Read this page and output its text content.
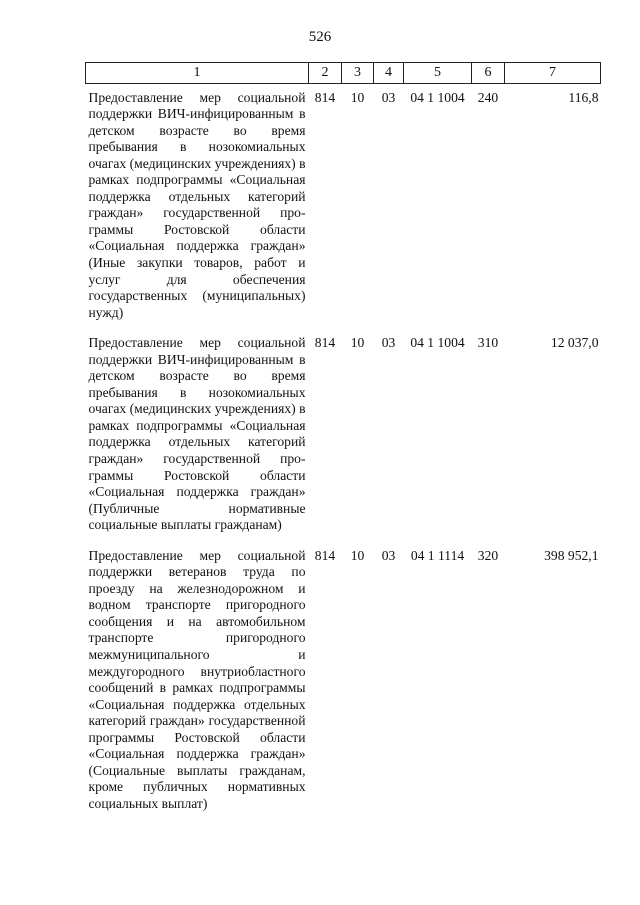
526
1	2	3	4	5	6	7

Предоставление мер социальной поддержки ВИЧ-инфицированным в детском возрасте во время пребывания в нозокомиальных очагах (медицинских учреждениях) в рамках подпрограммы «Социальная поддержка отдельных категорий граждан» государственной программы Ростовской области «Социальная поддержка граждан» (Иные закупки товаров, работ и услуг для обеспечения государственных (муниципальных) нужд)	814	10	03	04 1 1004	240	116,8
Предоставление мер социальной поддержки ВИЧ-инфицированным в детском возрасте во время пребывания в нозокомиальных очагах (медицинских учреждениях) в рамках подпрограммы «Социальная поддержка отдельных категорий граждан» государственной программы Ростовской области «Социальная поддержка граждан» (Публичные нормативные социальные выплаты гражданам)	814	10	03	04 1 1004	310	12 037,0
Предоставление мер социальной поддержки ветеранов труда по проезду на железнодорожном и водном транспорте пригородного сообщения и на автомобильном транспорте пригородного межмуниципального и междугородного внутриобластного сообщений в рамках подпрограммы «Социальная поддержка отдельных категорий граждан» государственной программы Ростовской области «Социальная поддержка граждан» (Социальные выплаты гражданам, кроме публичных нормативных социальных выплат)	814	10	03	04 1 1114	320	398 952,1
